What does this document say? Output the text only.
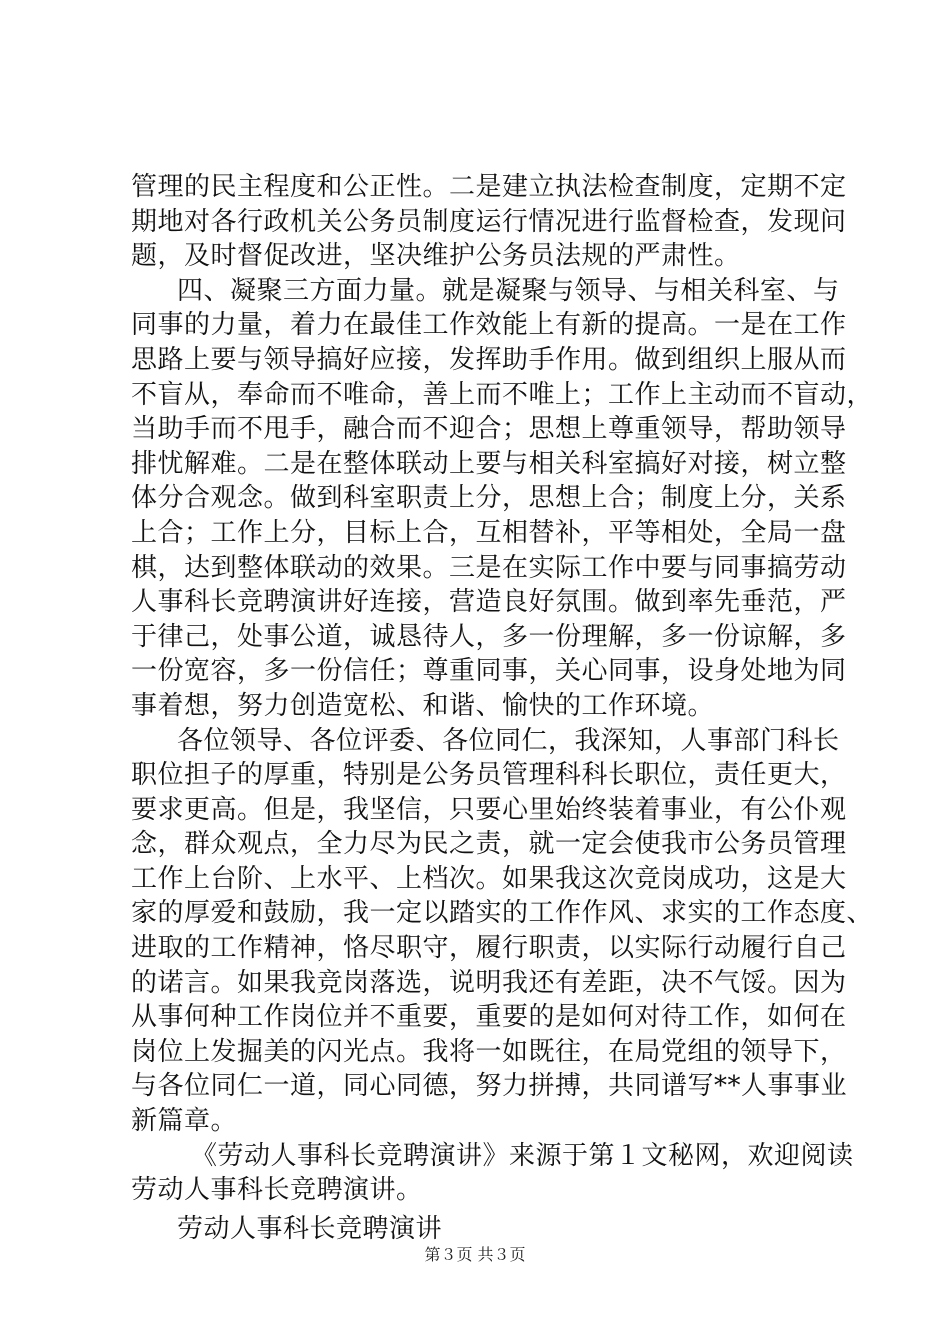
管理的民主程度和公正性。二是建立执法检查制度，定期不定
期地对各行政机关公务员制度运行情况进行监督检查，发现问
题，及时督促改进，坚决维护公务员法规的严肃性。
四、凝聚三方面力量。就是凝聚与领导、与相关科室、与
同事的力量，着力在最佳工作效能上有新的提高。一是在工作
思路上要与领导搞好应接，发挥助手作用。做到组织上服从而
不盲从，奉命而不唯命，善上而不唯上；工作上主动而不盲动，
当助手而不甩手，融合而不迎合；思想上尊重领导，帮助领导
排忧解难。二是在整体联动上要与相关科室搞好对接，树立整
体分合观念。做到科室职责上分，思想上合；制度上分，关系
上合；工作上分，目标上合，互相替补，平等相处，全局一盘
棋，达到整体联动的效果。三是在实际工作中要与同事搞劳动
人事科长竞聘演讲好连接，营造良好氛围。做到率先垂范，严
于律己，处事公道，诚恳待人，多一份理解，多一份谅解，多
一份宽容，多一份信任；尊重同事，关心同事，设身处地为同
事着想，努力创造宽松、和谐、愉快的工作环境。
各位领导、各位评委、各位同仁，我深知，人事部门科长
职位担子的厚重，特别是公务员管理科科长职位，责任更大，
要求更高。但是，我坚信，只要心里始终装着事业，有公仆观
念，群众观点，全力尽为民之责，就一定会使我市公务员管理
工作上台阶、上水平、上档次。如果我这次竞岗成功，这是大
家的厚爱和鼓励，我一定以踏实的工作作风、求实的工作态度、
进取的工作精神，恪尽职守，履行职责，以实际行动履行自己
的诺言。如果我竞岗落选，说明我还有差距，决不气馁。因为
从事何种工作岗位并不重要，重要的是如何对待工作，如何在
岗位上发掘美的闪光点。我将一如既往，在局党组的领导下，
与各位同仁一道，同心同德，努力拼搏，共同谱写**人事事业
新篇章。
《劳动人事科长竞聘演讲》来源于第１文秘网，欢迎阅读
劳动人事科长竞聘演讲。
劳动人事科长竞聘演讲
第３页 共３页
